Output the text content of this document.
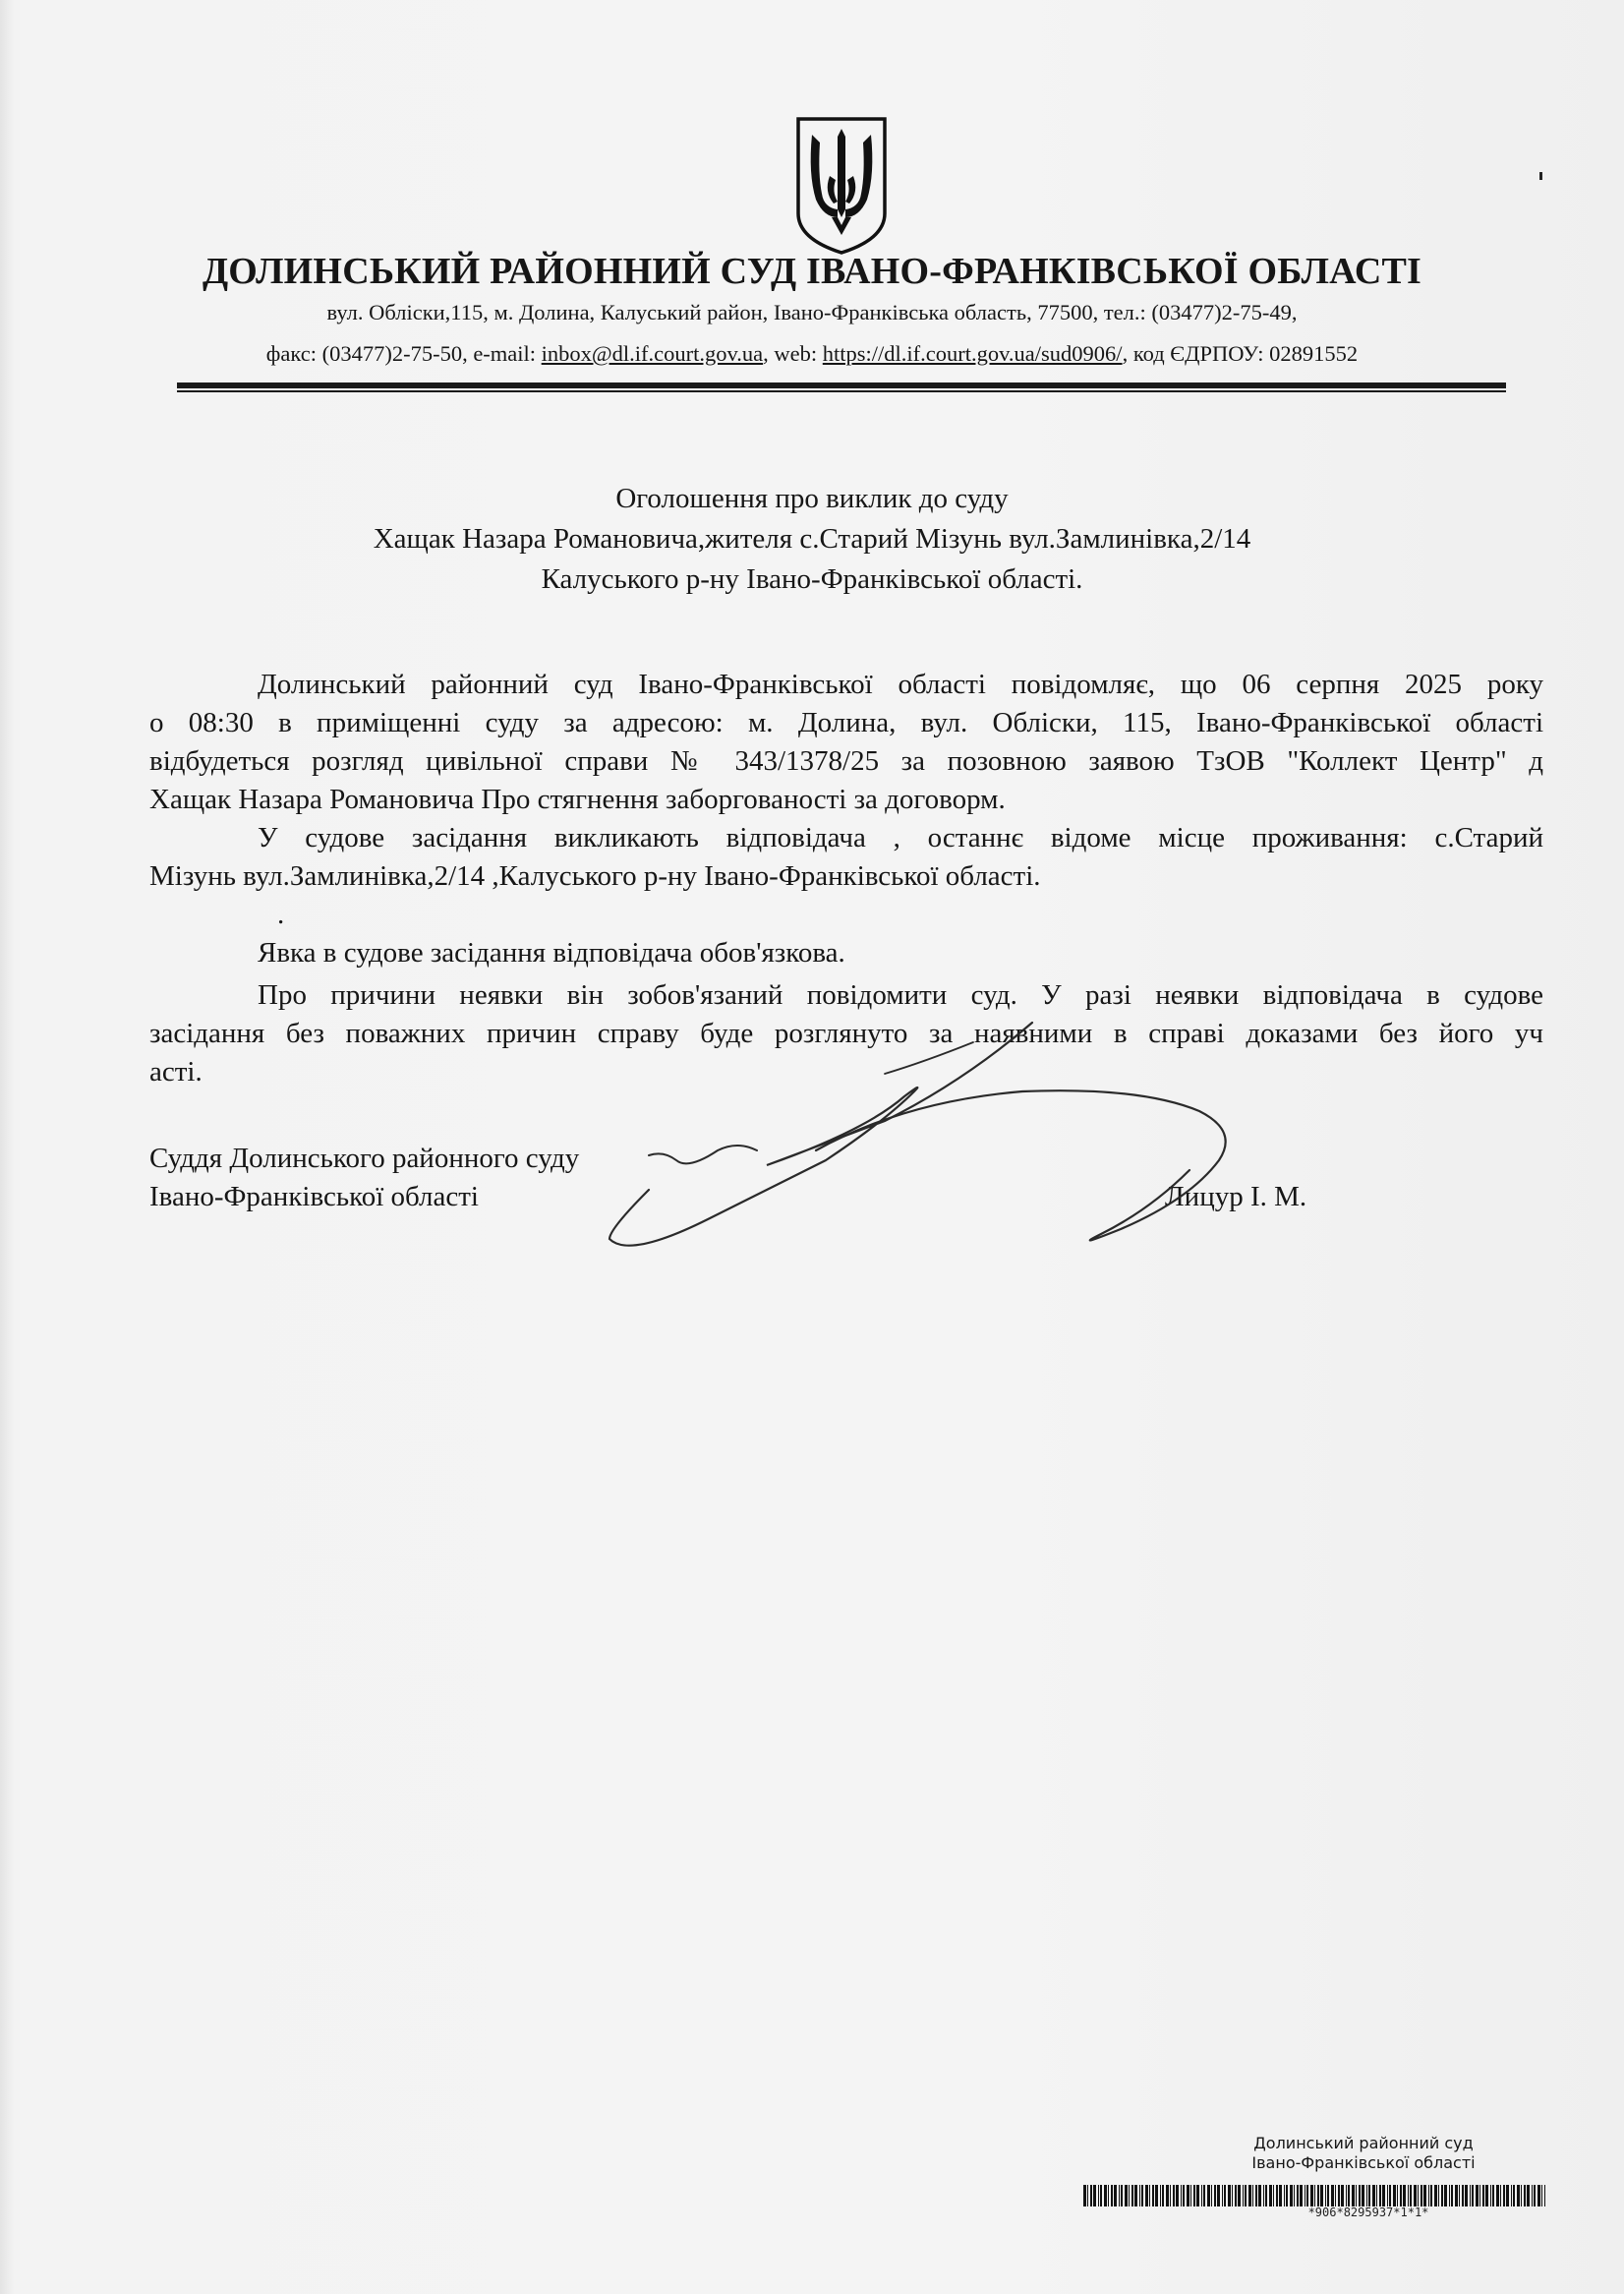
ДОЛИНСЬКИЙ РАЙОННИЙ СУД ІВАНО-ФРАНКІВСЬКОЇ ОБЛАСТІ
вул. Облiски,115, м. Долина, Калуський район, Iвано-Франкiвська область, 77500, тел.: (03477)2-75-49,
факс: (03477)2-75-50, e-mail: inbox@dl.if.court.gov.ua, web: https://dl.if.court.gov.ua/sud0906/, код ЄДРПОУ: 02891552
Оголошення про виклик до суду
Хащак Назара Романовича,жителя с.Старий Мізунь вул.Замлинівка,2/14
Калуського р-ну Івано-Франківської області.
Долинський районний суд Івано-Франківської області повідомляє, що 06 серпня 2025 року
о 08:30 в приміщенні суду за адресою: м. Долина, вул. Обліски, 115, Івано-Франківської області
відбудеться розгляд цивільної справи № 343/1378/25 за позовною заявою ТзОВ "Коллект Центр" д
Хащак Назара Романовича Про стягнення заборгованості за договорм.
У судове засідання викликають відповідача , останнє відоме місце проживання: с.Старий
Мізунь вул.Замлинівка,2/14 ,Калуського р-ну Івано-Франківської області.
.
Явка в судове засідання відповідача обов'язкова.
Про причини неявки він зобов'язаний повідомити суд. У разі неявки відповідача в судове
засідання без поважних причин справу буде розглянуто за наявними в справі доказами без його уч
асті.
Суддя Долинського районного суду
Івано-Франківської області	Лицур І. М.
Долинський районний суд
Івано-Франківської області
*906*8295937*1*1*
